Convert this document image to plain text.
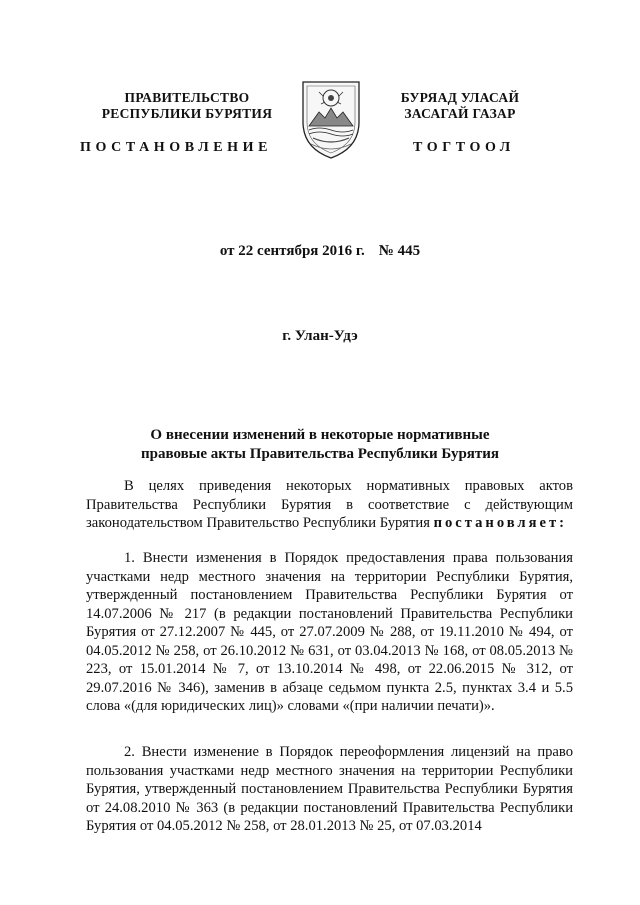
ПРАВИТЕЛЬСТВО
РЕСПУБЛИКИ БУРЯТИЯ
БУРЯАД УЛАСАЙ
ЗАСАГАЙ ГАЗАР
ПОСТАНОВЛЕНИЕ	ТОГТООЛ
от 22 сентября 2016 г. № 445
г. Улан-Удэ
О внесении изменений в некоторые нормативные
правовые акты Правительства Республики Бурятия

В целях приведения некоторых нормативных правовых актов Правительства Республики Бурятия в соответствие с действующим законодательством Правительство Республики Бурятия постановляет:

1. Внести изменения в Порядок предоставления права пользования участками недр местного значения на территории Республики Бурятия, утвержденный постановлением Правительства Республики Бурятия от 14.07.2006 № 217 (в редакции постановлений Правительства Республики Бурятия от 27.12.2007 № 445, от 27.07.2009 № 288, от 19.11.2010 № 494, от 04.05.2012 № 258, от 26.10.2012 № 631, от 03.04.2013 № 168, от 08.05.2013 № 223, от 15.01.2014 № 7, от 13.10.2014 № 498, от 22.06.2015 № 312, от 29.07.2016 № 346), заменив в абзаце седьмом пункта 2.5, пунктах 3.4 и 5.5 слова «(для юридических лиц)» словами «(при наличии печати)».

2. Внести изменение в Порядок переоформления лицензий на право пользования участками недр местного значения на территории Республики Бурятия, утвержденный постановлением Правительства Республики Бурятия от 24.08.2010 № 363 (в редакции постановлений Правительства Республики Бурятия от 04.05.2012 № 258, от 28.01.2013 № 25, от 07.03.2014
